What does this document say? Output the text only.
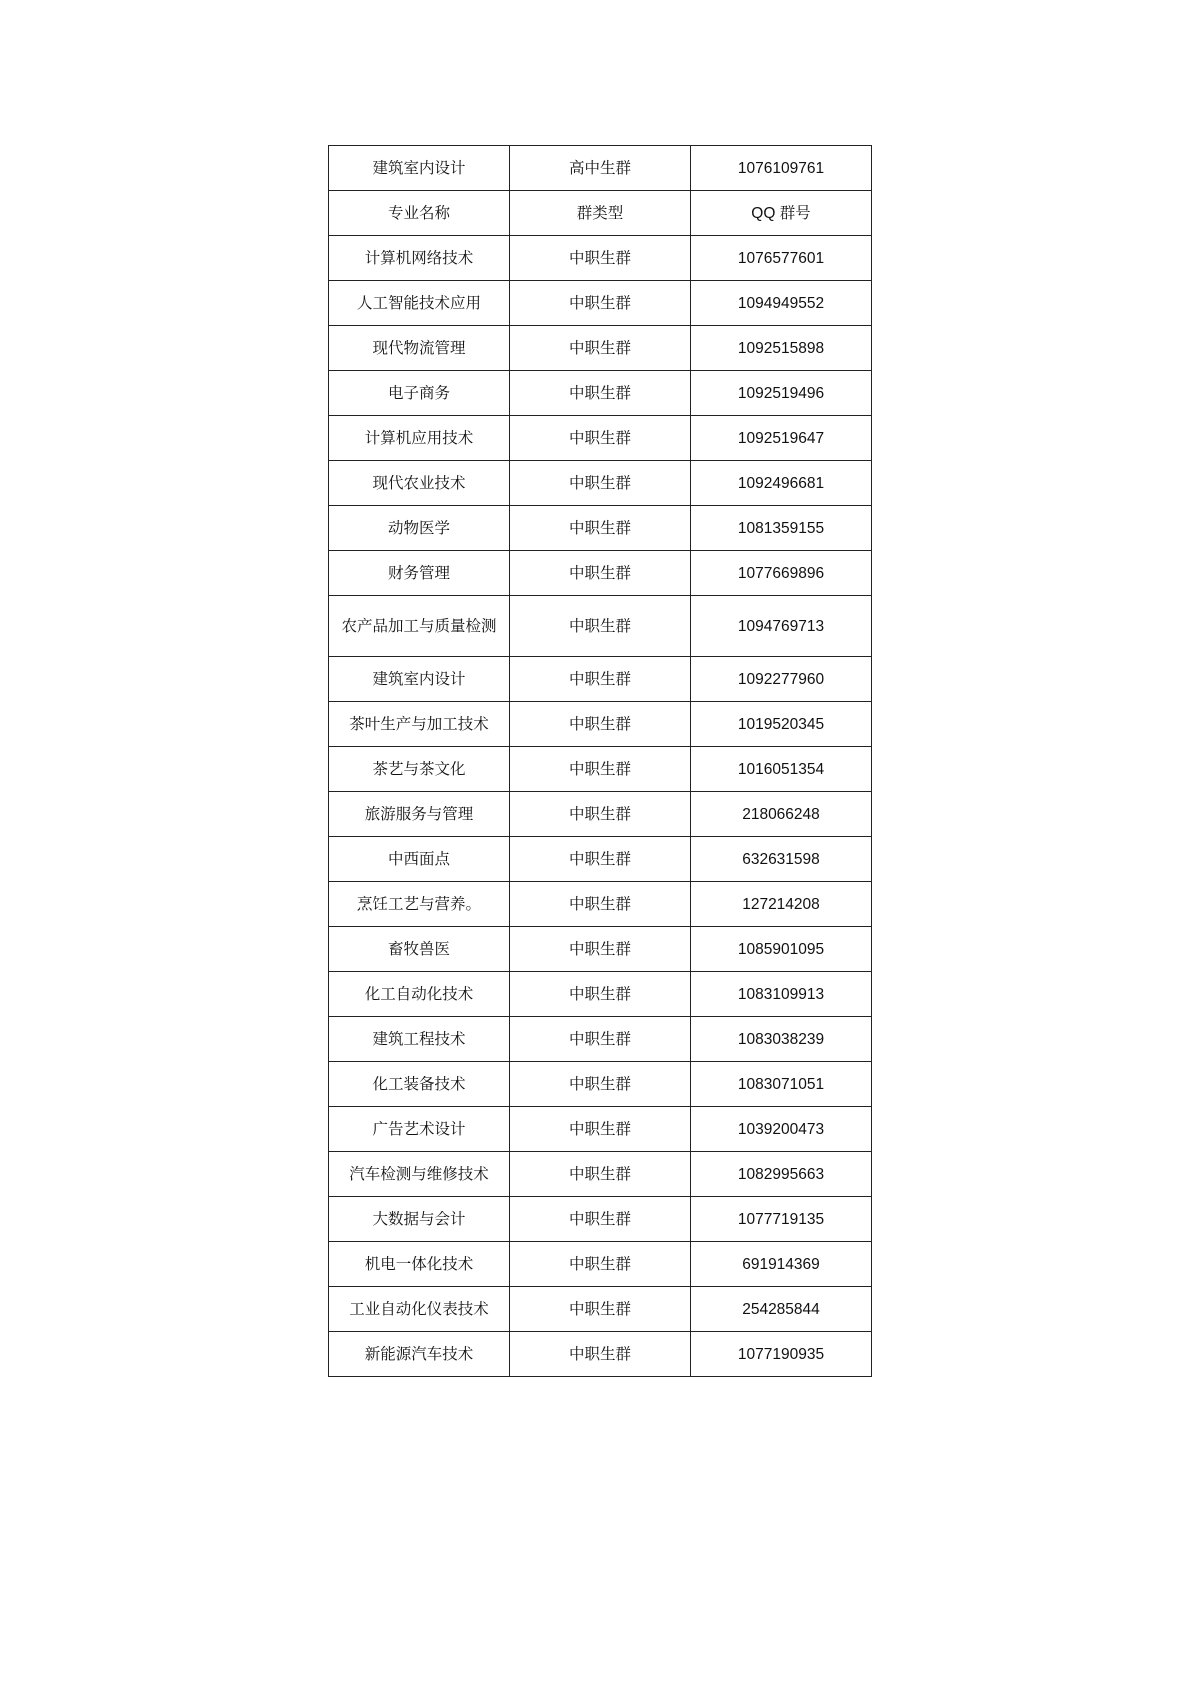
建筑室内设计	高中生群	1076109761
专业名称	群类型	QQ 群号
计算机网络技术	中职生群	1076577601
人工智能技术应用	中职生群	1094949552
现代物流管理	中职生群	1092515898
电子商务	中职生群	1092519496
计算机应用技术	中职生群	1092519647
现代农业技术	中职生群	1092496681
动物医学	中职生群	1081359155
财务管理	中职生群	1077669896
农产品加工与质量检测	中职生群	1094769713
建筑室内设计	中职生群	1092277960
茶叶生产与加工技术	中职生群	1019520345
茶艺与茶文化	中职生群	1016051354
旅游服务与管理	中职生群	218066248
中西面点	中职生群	632631598
烹饪工艺与营养。	中职生群	127214208
畜牧兽医	中职生群	1085901095
化工自动化技术	中职生群	1083109913
建筑工程技术	中职生群	1083038239
化工装备技术	中职生群	1083071051
广告艺术设计	中职生群	1039200473
汽车检测与维修技术	中职生群	1082995663
大数据与会计	中职生群	1077719135
机电一体化技术	中职生群	691914369
工业自动化仪表技术	中职生群	254285844
新能源汽车技术	中职生群	1077190935
